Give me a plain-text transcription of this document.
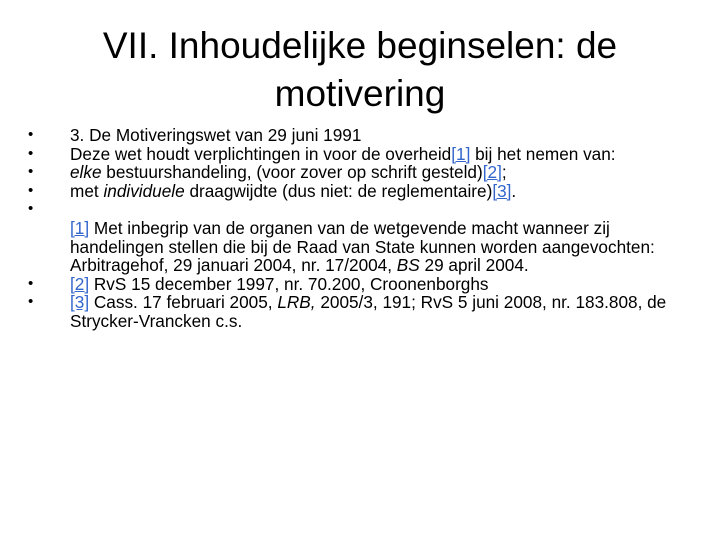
VII. Inhoudelijke beginselen: de motivering
•	3. De Motiveringswet van 29 juni 1991
•	Deze wet houdt verplichtingen in voor de overheid[1] bij het nemen van:
•	elke bestuurshandeling, (voor zover op schrift gesteld)[2];
•	met individuele draagwijdte (dus niet: de reglementaire)[3].
•
[1] Met inbegrip van de organen van de wetgevende macht wanneer zij handelingen stellen die bij de Raad van State kunnen worden aangevochten: Arbitragehof, 29 januari 2004, nr. 17/2004, BS 29 april 2004.
•	[2] RvS 15 december 1997, nr. 70.200, Croonenborghs
•	[3] Cass. 17 februari 2005, LRB, 2005/3, 191; RvS 5 juni 2008, nr. 183.808, de Strycker-Vrancken c.s.
